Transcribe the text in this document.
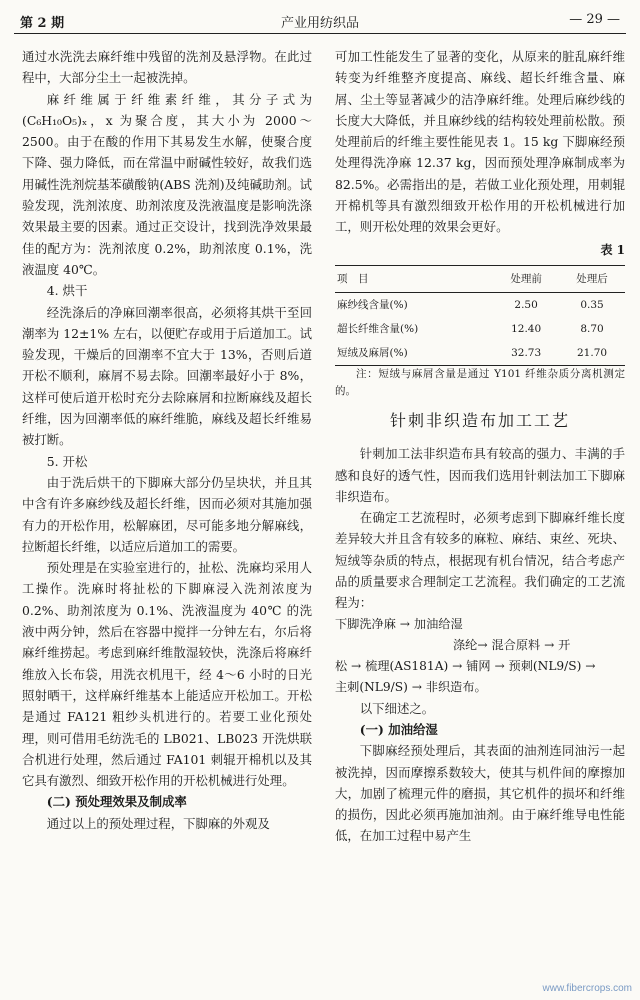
第 2 期	产业用纺织品	— 29 —

通过水洗洗去麻纤维中残留的洗剂及悬浮物。在此过程中，大部分尘土一起被洗掉。

麻纤维属于纤维素纤维，其分子式为(C₆H₁₀O₅)ₓ，x 为聚合度，其大小为 2000～2500。由于在酸的作用下其易发生水解，使聚合度下降、强力降低，而在常温中耐碱性较好，故我们选用碱性洗剂烷基苯磺酸钠(ABS 洗剂)及纯碱助剂。试验发现，洗剂浓度、助剂浓度及洗液温度是影响洗涤效果最主要的因素。通过正交设计，找到洗净效果最佳的配方为：洗剂浓度 0.2%，助剂浓度 0.1%，洗液温度 40℃。

4. 烘干

经洗涤后的净麻回潮率很高，必须将其烘干至回潮率为 12±1% 左右，以便贮存或用于后道加工。试验发现，干燥后的回潮率不宜大于 13%，否则后道开松不顺利，麻屑不易去除。回潮率最好小于 8%，这样可使后道开松时充分去除麻屑和拉断麻线及超长纤维，因为回潮率低的麻纤维脆，麻线及超长纤维易被打断。

5. 开松

由于洗后烘干的下脚麻大部分仍呈块状，并且其中含有许多麻纱线及超长纤维，因而必须对其施加强有力的开松作用，松解麻团，尽可能多地分解麻线，拉断超长纤维，以适应后道加工的需要。

预处理是在实验室进行的，扯松、洗麻均采用人工操作。洗麻时将扯松的下脚麻浸入洗剂浓度为 0.2%、助剂浓度为 0.1%、洗液温度为 40℃ 的洗液中两分钟，然后在容器中搅拌一分钟左右，尔后将麻纤维捞起。考虑到麻纤维散湿较快，洗涤后将麻纤维放入长布袋，用洗衣机甩干，经 4～6 小时的日光照射晒干，这样麻纤维基本上能适应开松加工。开松是通过 FA121 粗纱头机进行的。若要工业化预处理，则可借用毛纺洗毛的 LB021、LB023 开洗烘联合机进行处理，然后通过 FA101 刺辊开棉机以及其它具有激烈、细致开松作用的开松机械进行处理。

(二) 预处理效果及制成率

通过以上的预处理过程，下脚麻的外观及

可加工性能发生了显著的变化，从原来的脏乱麻纤维转变为纤维整齐度提高、麻线、超长纤维含量、麻屑、尘土等显著减少的洁净麻纤维。处理后麻纱线的长度大大降低，并且麻纱线的结构较处理前松散。预处理前后的纤维主要性能见表 1。15 kg 下脚麻经预处理得洗净麻 12.37 kg，因而预处理净麻制成率为 82.5%。必需指出的是，若做工业化预处理，用刺辊开棉机等具有激烈细致开松作用的开松机械进行加工，则开松处理的效果会更好。

表 1
项　目	处理前	处理后
麻纱线含量(%)	2.50	0.35
超长纤维含量(%)	12.40	8.70
短绒及麻屑(%)	32.73	21.70

注：短绒与麻屑含量是通过 Y101 纤维杂质分离机测定的。

针刺非织造布加工工艺

针刺加工法非织造布具有较高的强力、丰满的手感和良好的透气性，因而我们选用针刺法加工下脚麻非织造布。

在确定工艺流程时，必须考虑到下脚麻纤维长度差异较大并且含有较多的麻粒、麻结、束丝、死块、短绒等杂质的特点，根据现有机台情况，结合考虑产品的质量要求合理制定工艺流程。我们确定的工艺流程为：

下脚洗净麻 → 加油给湿
涤纶→ 混合原料 → 开
松 → 梳理(AS181A) → 铺网 → 预刺(NL9/S) →
主刺(NL9/S) → 非织造布。

以下细述之。

(一) 加油给湿

下脚麻经预处理后，其表面的油剂连同油污一起被洗掉，因而摩擦系数较大，使其与机件间的摩擦加大，加剧了梳理元件的磨损，其它机件的损坏和纤维的损伤，因此必须再施加油剂。由于麻纤维导电性能低，在加工过程中易产生

www.fibercrops.com
